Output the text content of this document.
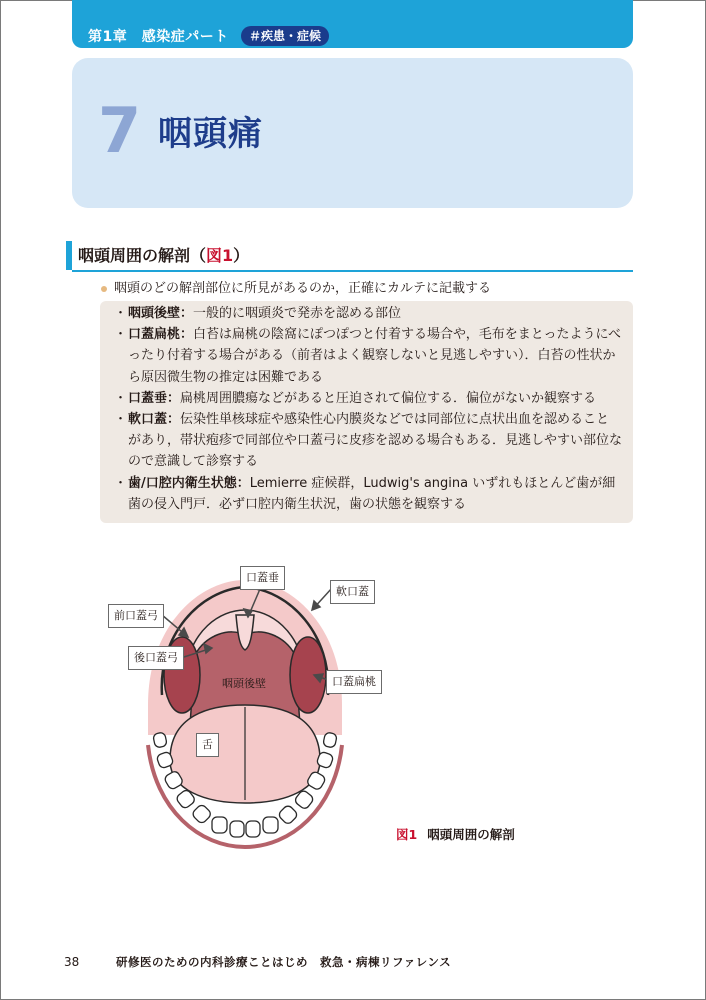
第1章　感染症パート	＃疾患・症候
7 咽頭痛
咽頭周囲の解剖（図1）

咽頭のどの解剖部位に所見があるのか，正確にカルテに記載する

・ 咽頭後壁：一般的に咽頭炎で発赤を認める部位
・ 口蓋扁桃：白苔は扁桃の陰窩にぽつぽつと付着する場合や，毛布をまとったようにべったり付着する場合がある（前者はよく観察しないと見逃しやすい）．白苔の性状から原因微生物の推定は困難である
・ 口蓋垂：扁桃周囲膿瘍などがあると圧迫されて偏位する．偏位がないか観察する
・ 軟口蓋：伝染性単核球症や感染性心内膜炎などでは同部位に点状出血を認めることがあり，帯状疱疹で同部位や口蓋弓に皮疹を認める場合もある．見逃しやすい部位なので意識して診察する
・ 歯/口腔内衛生状態：Lemierre 症候群，Ludwig's angina いずれもほとんど歯が細菌の侵入門戸．必ず口腔内衛生状況，歯の状態を観察する
口蓋垂
軟口蓋
前口蓋弓
後口蓋弓
咽頭後壁	口蓋扁桃
舌
図1 咽頭周囲の解剖
38	研修医のための内科診療ことはじめ　救急・病棟リファレンス
